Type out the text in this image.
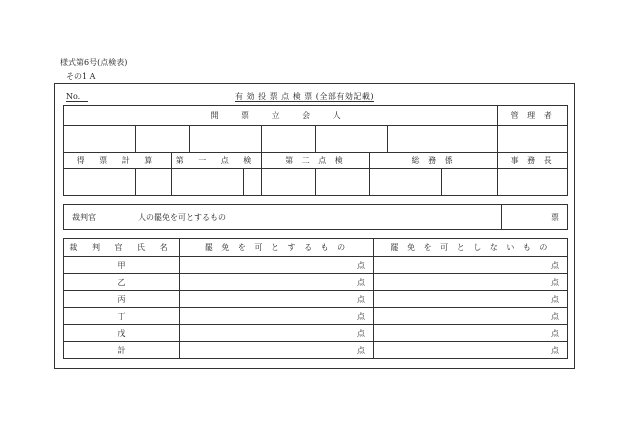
様式第6号(点検表)
その1 A
No.	有 効 投 票 点 検 票 (全部有効記載)
開 票 立 会 人										管 理 者

得 票 計 算		第 一 点 検			第 二 点 検		総 務 係			事 務 長

裁判官	人の罷免を可とするもの	票
裁 判 官 氏 名	罷 免 を 可 と す る も の	罷 免 を 可 と し な い も の
甲	点	点
乙	点	点
丙	点	点
丁	点	点
戊	点	点
計	点	点
